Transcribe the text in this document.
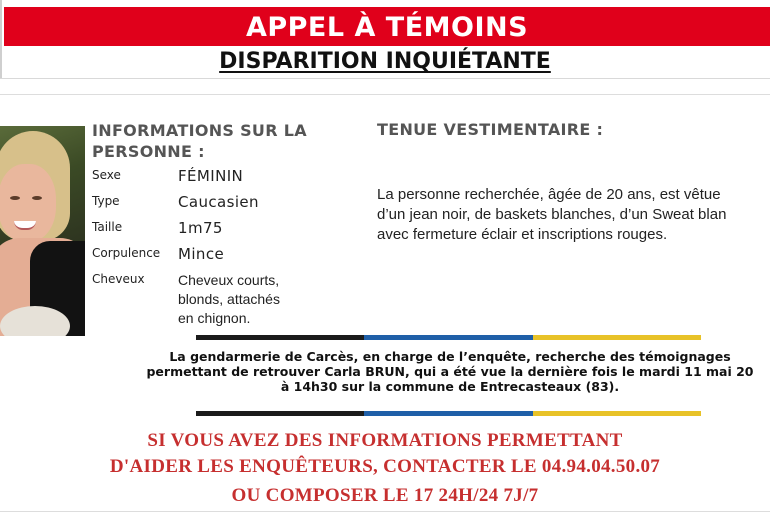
APPEL À TÉMOINS
DISPARITION INQUIÉTANTE
INFORMATIONS SUR LA
PERSONNE :
Sexe	FÉMININ
Type	Caucasien
Taille	1m75
Corpulence Mince
Cheveux Cheveux courts,
blonds, attachés
en chignon.
TENUE VESTIMENTAIRE :
La personne recherchée, âgée de 20 ans, est vêtue
d’un jean noir, de baskets blanches, d’un Sweat blan
avec fermeture éclair et inscriptions rouges.
La gendarmerie de Carcès, en charge de l’enquête, recherche des témoignages
permettant de retrouver Carla BRUN, qui a été vue la dernière fois le mardi 11 mai 20
à 14h30 sur la commune de Entrecasteaux (83).
SI VOUS AVEZ DES INFORMATIONS PERMETTANT
D'AIDER LES ENQUÊTEURS, CONTACTER LE 04.94.04.50.07
OU COMPOSER LE 17 24H/24 7J/7
